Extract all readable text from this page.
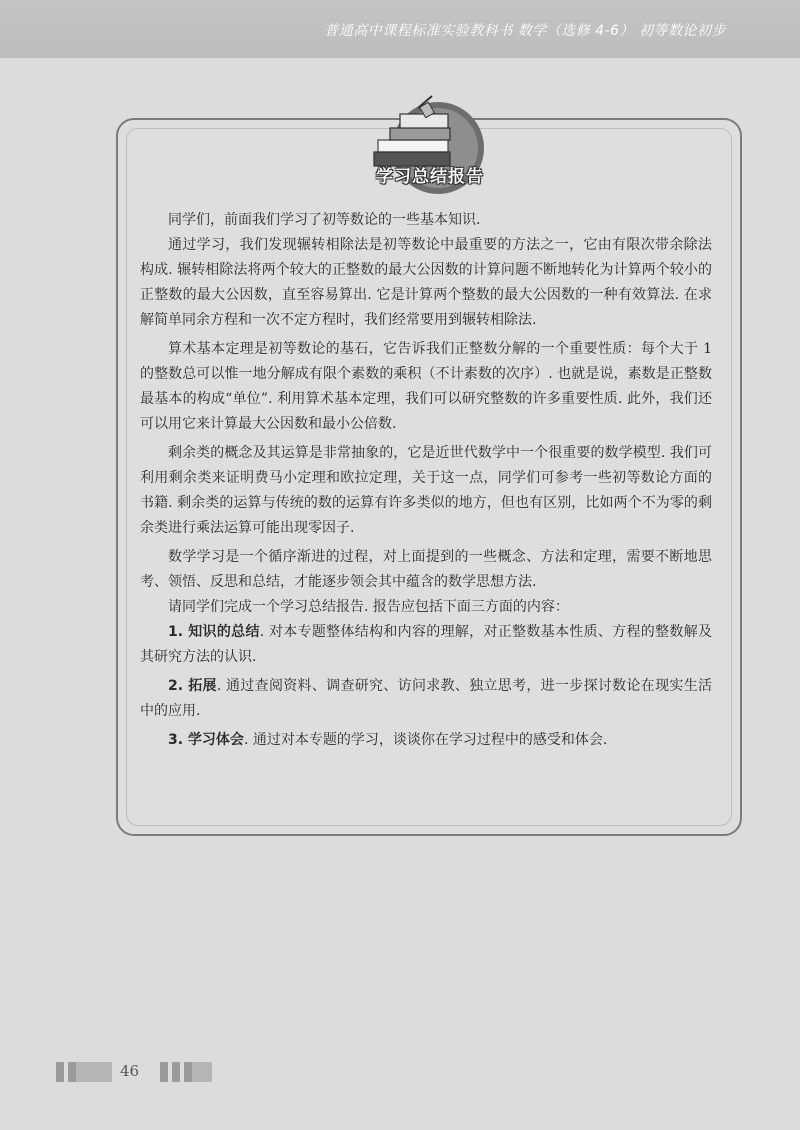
普通高中课程标准实验教科书 数学（选修 4-6） 初等数论初步
学习总结报告

同学们，前面我们学习了初等数论的一些基本知识.

通过学习，我们发现辗转相除法是初等数论中最重要的方法之一，它由有限次带余除法构成. 辗转相除法将两个较大的正整数的最大公因数的计算问题不断地转化为计算两个较小的正整数的最大公因数，直至容易算出. 它是计算两个整数的最大公因数的一种有效算法. 在求解简单同余方程和一次不定方程时，我们经常要用到辗转相除法.

算术基本定理是初等数论的基石，它告诉我们正整数分解的一个重要性质：每个大于 1 的整数总可以惟一地分解成有限个素数的乘积（不计素数的次序）. 也就是说，素数是正整数最基本的构成“单位”. 利用算术基本定理，我们可以研究整数的许多重要性质. 此外，我们还可以用它来计算最大公因数和最小公倍数.

剩余类的概念及其运算是非常抽象的，它是近世代数学中一个很重要的数学模型. 我们可利用剩余类来证明费马小定理和欧拉定理，关于这一点，同学们可参考一些初等数论方面的书籍. 剩余类的运算与传统的数的运算有许多类似的地方，但也有区别，比如两个不为零的剩余类进行乘法运算可能出现零因子.

数学学习是一个循序渐进的过程，对上面提到的一些概念、方法和定理，需要不断地思考、领悟、反思和总结，才能逐步领会其中蕴含的数学思想方法.

请同学们完成一个学习总结报告. 报告应包括下面三方面的内容：

1. 知识的总结. 对本专题整体结构和内容的理解，对正整数基本性质、方程的整数解及其研究方法的认识.

2. 拓展. 通过查阅资料、调查研究、访问求教、独立思考，进一步探讨数论在现实生活中的应用.

3. 学习体会. 通过对本专题的学习，谈谈你在学习过程中的感受和体会.

46
